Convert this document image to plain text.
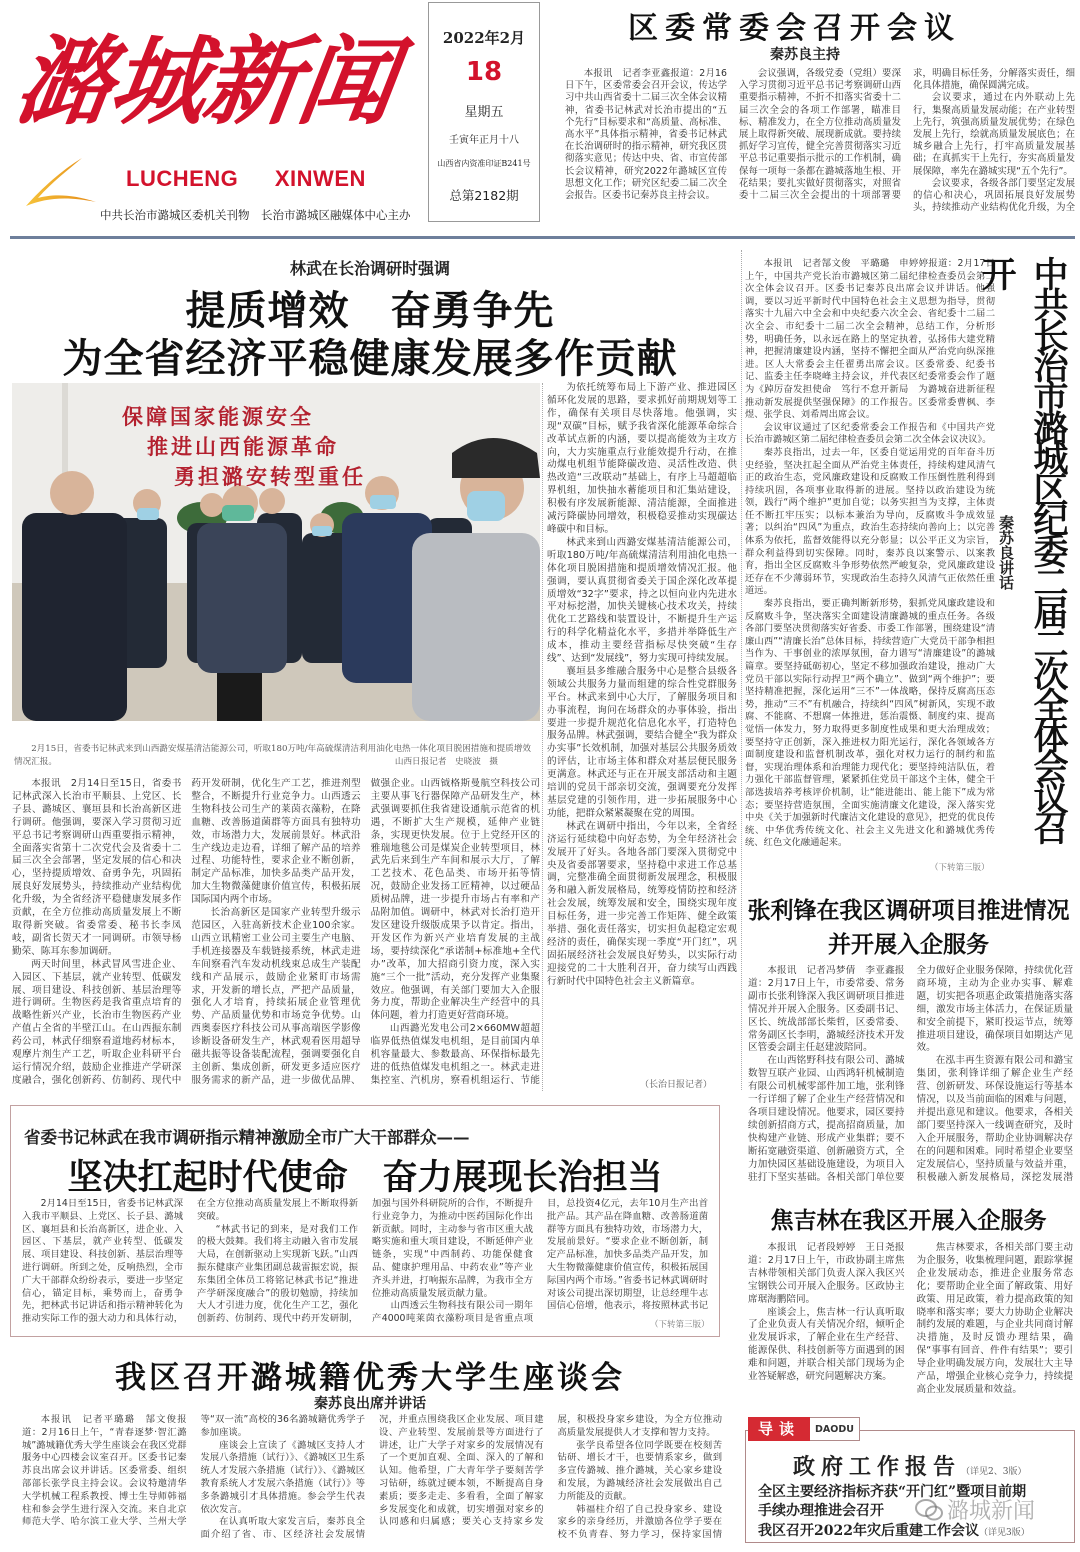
潞城新闻
LUCHENG XINWEN
中共长治市潞城区委机关刊物　长治市潞城区融媒体中心主办
2022年2月
18
星期五
壬寅年正月十八
山西省内资准印证B241号
总第2182期
区委常委会召开会议
秦苏良主持

本报讯　记者李亚鑫报道：2月16日下午，区委常委会召开会议，传达学习中共山西省委十二届三次全体会议精神，省委书记林武对长治市提出的“五个先行”目标要求和“高质量、高标准、高水平”具体指示精神，省委书记林武在长治调研时的指示精神，研究我区贯彻落实意见；传达中央、省、市宣传部长会议精神，研究2022年潞城区宣传思想文化工作；研究区纪委二届二次全会报告。区委书记秦苏良主持会议。

会议强调，各级党委（党组）要深入学习贯彻习近平总书记考察调研山西重要指示精神，不折不扣落实省委十二届三次全会的各项工作部署，瞄准目标、精准发力，在全方位推动高质量发展上取得新突破、展现新成就。要持续抓好学习宣传，健全完善贯彻落实习近平总书记重要指示批示的工作机制，确保每一项每一条都在潞城落地生根、开花结果；要扎实做好贯彻落实，对照省委十二届三次全会提出的十项部署要求，明确目标任务，分解落实责任，细化具体措施，确保圆满完成。

会议要求，通过在内外联动上先行，集聚高质量发展动能；在产业转型上先行，筑强高质量发展优势；在绿色发展上先行，绘就高质量发展底色；在城乡融合上先行，打牢高质量发展基础；在真抓实干上先行，夯实高质量发展保障，率先在潞城实现“五个先行”。

会议要求，各级各部门要坚定发展的信心和决心，巩固拓展良好发展势头，持续推动产业结构优化升级，为全

林武在长治调研时强调
提质增效　奋勇争先
为全省经济平稳健康发展多作贡献
保障国家能源安全
推进山西能源革命
勇担潞安转型重任
2月15日，省委书记林武来到山西潞安煤基清洁能源公司，听取180万吨/年高硫煤清洁利用油化电热一体化项目脱困措施和提质增效情况汇报。	山西日报记者　史晓波　摄

本报讯　2月14日至15日，省委书记林武深入长治市平顺县、上党区、长子县、潞城区、襄垣县和长治高新区进行调研。他强调，要深入学习贯彻习近平总书记考察调研山西重要指示精神，全面落实省第十二次党代会及省委十二届三次全会部署，坚定发展的信心和决心，坚持提质增效、奋勇争先，巩固拓展良好发展势头，持续推动产业结构优化升级，为全省经济平稳健康发展多作贡献，在全方位推动高质量发展上不断取得新突破。省委常委、秘书长李凤岐，副省长贺天才一同调研。市领导杨勤荣、陈耳东参加调研。

两天时间里，林武冒风雪进企业、入园区、下基层，就产业转型、低碳发展、项目建设、科技创新、基层治理等进行调研。生物医药是我省重点培育的战略性新兴产业，长治市生物医药产业产值占全省的半壁江山。在山西振东制药公司，林武仔细察看道地药材标本，观摩片剂生产工艺，听取企业科研平台运行情况介绍，鼓励企业推进产学研深度融合，强化创新药、仿制药、现代中药开发研制，优化生产工艺，推进剂型整合，不断提升行业竞争力。山西透云生物科技公司生产的莱茵衣藻粉，在降血糖、改善肠道菌群等方面具有独特功效，市场潜力大，发展前景好。林武沿生产线边走边看，详细了解产品的培养过程、功能特性，要求企业不断创新，制定产品标准，加快多品类产品开发，加大生物微藻健康价值宣传，积极拓展国际国内两个市场。

长治高新区是国家产业转型升级示范园区，入驻高新技术企业100余家。山西立讯精密工业公司主要生产电脑、手机连接器及车载链接系统，林武走进车间察看汽车发动机线束总成生产装配线和产品展示，鼓励企业紧盯市场需求，开发新的增长点，严把产品质量，强化人才培育，持续拓展企业管理优势、产品质量优势和市场竞争优势。山西奥泰医疗科技公司从事高端医学影像诊断设备研发生产，林武观看医用超导磁共振等设备装配流程，强调要强化自主创新、集成创新，研发更多适应医疗服务需求的新产品，进一步做优品牌、做强企业。山西钺格斯曼航空科技公司主要从事飞行器保障产品研发生产，林武强调要抓住我省建设通航示范省的机遇，不断扩大生产规模，延伸产业链条，实现更快发展。位于上党经开区的雅瑞地毯公司是煤炭企业转型项目，林武先后来到生产车间和展示大厅，了解工艺技术、花色品类、市场开拓等情况，鼓励企业发扬工匠精神，以过硬品质树品牌，进一步提升市场占有率和产品附加值。调研中，林武对长治打造开发区建设升级版成果予以肯定。指出，开发区作为新兴产业培育发展的主战场，要持续深化“承诺制+标准地+全代办”改革，加大招商引资力度，深入实施“三个一批”活动，充分发挥产业集聚效应。他强调，有关部门要加大入企服务力度，帮助企业解决生产经营中的具体问题，着力打造更好营商环境。

山西潞光发电公司2×660MW超超临界低热值煤发电机组，是目前国内单机容量最大、参数最高、环保指标最先进的低热值煤发电机组之一。林武走进集控室、汽机房，察看机组运行、节能

为依托统筹布局上下游产业、推进园区循环化发展的思路，要求抓好前期规划等工作，确保有关项目尽快落地。他强调，实现“双碳”目标，赋予我省深化能源革命综合改革试点新的内涵，要以提高能效为主攻方向，大力实施重点行业能效提升行动，在推动煤电机组节能降碳改造、灵活性改造、供热改造“三改联动”基础上，有序上马超超临界机组，加快抽水蓄能项目和汇集站建设，积极有序发展新能源、清洁能源，全面推进减污降碳协同增效，积极稳妥推动实现碳达峰碳中和目标。

林武来到山西潞安煤基清洁能源公司，听取180万吨/年高硫煤清洁利用油化电热一体化项目脱困措施和提质增效情况汇报。他强调，要认真贯彻省委关于国企深化改革提质增效“32字”要求，持之以恒向业内先进水平对标挖潜，加快关键核心技术攻关，持续优化工艺路线和装置设计，不断提升生产运行的科学化精益化水平，多措并举降低生产成本，推动主要经营指标尽快突破“生存线”、达到“发展线”，努力实现可持续发展。

襄垣县多维融合服务中心是整合县级各领域公共服务力量而组建的综合性党群服务平台。林武来到中心大厅，了解服务项目和办事流程，询问在场群众的办事体验，指出要进一步提升规范化信息化水平，打造特色服务品牌。林武强调，要结合健全“我为群众办实事”长效机制，加强对基层公共服务质效的评估，让市场主体和群众对基层便民服务更满意。林武还与正在开展支部活动和主题培训的党员干部亲切交流，强调要充分发挥基层党建的引领作用，进一步拓展服务中心功能，把群众紧紧凝聚在党的周围。

林武在调研中指出，今年以来，全省经济运行延续稳中向好态势，为全年经济社会发展开了好头。各地各部门要深入贯彻党中央及省委部署要求，坚持稳中求进工作总基调，完整准确全面贯彻新发展理念，积极服务和融入新发展格局，统筹疫情防控和经济社会发展，统筹发展和安全，围绕实现年度目标任务，进一步完善工作矩阵、健全政策举措、强化责任落实，切实担负起稳定宏观经济的责任，确保实现一季度“开门红”，巩固拓展经济社会发展良好势头，以实际行动迎接党的二十大胜利召开，奋力续写山西践行新时代中国特色社会主义新篇章。

（长治日报记者）

本报讯　记者郜文俊　平璐璐　申婷婷报道：2月17日上午，中国共产党长治市潞城区第二届纪律检查委员会第二次全体会议召开。区委书记秦苏良出席会议并讲话。他强调，要以习近平新时代中国特色社会主义思想为指导，贯彻落实十九届六中全会和中央纪委六次全会、省纪委十二届二次全会、市纪委十二届二次全会精神，总结工作，分析形势，明确任务，以永远在路上的坚定执着，弘扬伟大建党精神，把握清廉建设内涵，坚持不懈把全面从严治党向纵深推进。区人大常委会主任翟勇出席会议。区委常委、纪委书记、监委主任李晓峰主持会议，并代表区纪委常委会作了题为《踔厉奋发担使命　笃行不怠开新局　为潞城奋进新征程推动新发展提供坚强保障》的工作报告。区委常委曹枫、李煜、张学良、刘希周出席会议。

会议审议通过了区纪委常委会工作报告和《中国共产党长治市潞城区第二届纪律检查委员会第二次全体会议决议》。

秦苏良指出，过去一年，区委自觉运用党的百年奋斗历史经验，坚决扛起全面从严治党主体责任，持续构建风清气正的政治生态，党风廉政建设和反腐败工作压倒性胜利得到持续巩固，各项事业取得新的进展。坚持以政治建设为统领，践行“两个维护”更加自觉；以务实担当为支撑，主体责任不断扛牢压实；以标本兼治为导向，反腐败斗争成效显著；以纠治“四风”为重点，政治生态持续向善向上；以完善体系为依托，监督效能得以充分彰显；以公平正义为宗旨，群众利益得到切实保障。同时，秦苏良以案警示、以案教育，指出全区反腐败斗争形势依然严峻复杂，党风廉政建设还存在不少薄弱环节，实现政治生态持久风清气正依然任重道远。

秦苏良指出，要正确判断新形势，狠抓党风廉政建设和反腐败斗争，坚决落实全面建设清廉潞城的重点任务。各级各部门要坚决贯彻落实好省委、市委工作部署，围绕建设“清廉山西”“清廉长治”总体目标，持续营造广大党员干部争相担当作为、干事创业的浓厚氛围，奋力谱写“清廉建设”的潞城篇章。要坚持砥砺初心，坚定不移加强政治建设，推动广大党员干部以实际行动捍卫“两个确立”、做到“两个维护”；要坚持精准把握，深化运用“三不”一体战略，保持反腐高压态势，推动“三不”有机融合，持续纠“四风”树新风，实现不敢腐、不能腐、不想腐一体推进，惩治震慑、制度约束、提高觉悟一体发力，努力取得更多制度性成果和更大治理成效；要坚持守正创新，深入推进权力阳光运行，深化各领域各方面制度建设和监督机制改革，强化对权力运行的制约和监督，实现治理体系和治理能力现代化；要坚持纯洁队伍，着力强化干部监督管理，紧紧抓住党员干部这个主体，健全干部选拔培养考核评价机制，让“能进能出、能上能下”成为常态；要坚持营造氛围，全面实施清廉文化建设，深入落实党中央《关于加强新时代廉洁文化建设的意见》，把党的优良传统、中华优秀传统文化、社会主义先进文化和潞城优秀传统、红色文化融通起来。

秦苏良讲话 中共长治市潞城区纪委二届二次全体会议召开
（下转第三版）
张利锋在我区调研项目推进情况
并开展入企服务

本报讯　记者冯梦倩　李亚鑫报道：2月17日上午，市委常委、常务副市长张利锋深入我区调研项目推进情况并开展入企服务。区委副书记、区长、统战部部长柴哲，区委常委、常务副区长李明，潞城经济技术开发区管委会副主任赵建波陪同。

在山西铭野科技有限公司、潞城数智互联产业园、山西鸿轩机械制造有限公司机械零部件加工地，张利锋一行详细了解了企业生产经营情况和各项目建设情况。他要求，园区要持续创新招商方式，提高招商质量，加快构建产业链、形成产业集群；要不断拓宽融资渠道、创新融资方式，全力加快园区基础设施建设，为项目入驻打下坚实基础。各相关部门单位要全力做好企业服务保障，持续优化营商环境，主动为企业办实事、解难题，切实把各项惠企政策措施落实落细，激发市场主体活力，在保证质量和安全前提下，紧盯投运节点，统筹推进项目建设，确保项目如期达产见效。

在泓丰再生资源有限公司和潞宝集团，张利锋详细了解企业生产经营、创新研发、环保设施运行等基本情况，以及当前面临的困难与问题，并提出意见和建议。他要求，各相关部门要坚持深入一线调查研究，及时入企开展服务，帮助企业协调解决存在的问题和困难。同时希望企业要坚定发展信心，坚持质量与效益并重，积极融入新发展格局，深挖发展潜

焦吉林在我区开展入企服务

本报讯　记者段婷婷　王日尧报道：2月17日上午，市政协副主席焦吉林带领相关部门负责人深入我区兴宝钢铁公司开展入企服务。区政协主席琚海鹏陪同。

座谈会上，焦吉林一行认真听取了企业负责人有关情况介绍，倾听企业发展诉求，了解企业在生产经营、能源保供、科技创新等方面遇到的困难和问题，并联合相关部门现场为企业答疑解惑，研究问题解决方案。

焦吉林要求，各相关部门要主动为企服务，收集梳理问题，跟踪掌握企业发展动态，推进企业服务常态化；要帮助企业全面了解政策、用好政策、用足政策，着力提高政策的知晓率和落实率；要大力协助企业解决制约发展的难题，与企业共同商讨解决措施，及时反馈办理结果，确保“事事有回音、件件有结果”；要引导企业明确发展方向，发展壮大主导产品，增强企业核心竞争力，持续提高企业发展质量和效益。

省委书记林武在我市调研指示精神激励全市广大干部群众——
坚决扛起时代使命　奋力展现长治担当

2月14日至15日，省委书记林武深入我市平顺县、上党区、长子县、潞城区、襄垣县和长治高新区，进企业、入园区、下基层，就产业转型、低碳发展、项目建设、科技创新、基层治理等进行调研。所到之处，反响热烈，全市广大干部群众纷纷表示，要进一步坚定信心，锚定目标，乘势而上，奋勇争先，把林武书记讲话和指示精神转化为推动实际工作的强大动力和具体行动，在全方位推动高质量发展上不断取得新突破。

“林武书记的到来，是对我们工作的极大鼓舞。我们将主动融入省市发展大局，在创新驱动上实现新飞跃。”山西振东健康产业集团副总裁雷振宏说，振东集团全体员工将铭记林武书记“推进产学研深度融合”的殷切勉励，持续加大人才引进力度，优化生产工艺，强化创新药、仿制药、现代中药开发研制，加强与国外科研院所的合作，不断提升行业竞争力，为推动中医药国际化作出新贡献。同时，主动参与省市区重大战略实施和重大项目建设，不断延伸产业链条，实现“中西制药、功能保健食品、健康护理用品、中药农业”等产业齐头并进，打响振东品牌，为我市全方位推动高质量发展贡献力量。

山西透云生物科技有限公司一期年产4000吨莱茵衣藻粉项目是省重点项目，总投资4亿元，去年10月生产出首批产品。其产品在降血糖、改善肠道菌群等方面具有独特功效，市场潜力大，发展前景好。“要求企业不断创新，制定产品标准，加快多品类产品开发，加大生物微藻健康价值宣传，积极拓展国际国内两个市场。”省委书记林武调研时对该公司提出深切期望，让总经理牛志国信心倍增，他表示，将按照林武书记

（下转第三版）
我区召开潞城籍优秀大学生座谈会
秦苏良出席并讲话

本报讯　记者平璐璐　郜文俊报道：2月16日上午，“青春逐梦·智汇潞城”潞城籍优秀大学生座谈会在我区党群服务中心四楼会议室召开。区委书记秦苏良出席会议并讲话。区委常委、组织部部长张学良主持会议。会议特邀清华大学机械工程系教授、博士生导师韩福柱和参会学生进行深入交流。来自北京师范大学、哈尔滨工业大学、兰州大学等“双一流”高校的36名潞城籍优秀学子参加座谈。

座谈会上宣读了《潞城区支持人才发展八条措施（试行）》、《潞城区卫生系统人才发展六条措施（试行）》、《潞城区教育系统人才发展六条措施（试行）》等多条潞城引才具体措施。参会学生代表依次发言。

在认真听取大家发言后，秦苏良全面介绍了省、市、区经济社会发展情况，并重点围绕我区企业发展、项目建设、产业转型、发展前景等方面进行了讲述，让广大学子对家乡的发展情况有了一个更加直观、全面、深入的了解和认知。他希望，广大青年学子要刻苦学习钻研，练就过硬本领，不断提高自身素质；要多走走、多看看，全面了解家乡发展变化和成就，切实增强对家乡的认同感和归属感；要关心支持家乡发展，积极投身家乡建设，为全方位推动高质量发展提供人才支撑和智力支持。

张学良希望各位同学既要在校刻苦钻研、增长才干，也要情系家乡，做到多宣传潞城、推介潞城，关心家乡建设和发展，为潞城经济社会发展做出自己力所能及的贡献。

韩福柱介绍了自己投身家乡、建设家乡的亲身经历，并激励各位学子要在校不负青春、努力学习，保持家国情

导读	DAODU
政府工作报告（详见2、3版）
全区主要经济指标齐获“开门红”暨项目前期
手续办理推进会召开
我区召开2022年灾后重建工作会议（详见3版）
潞城新闻
